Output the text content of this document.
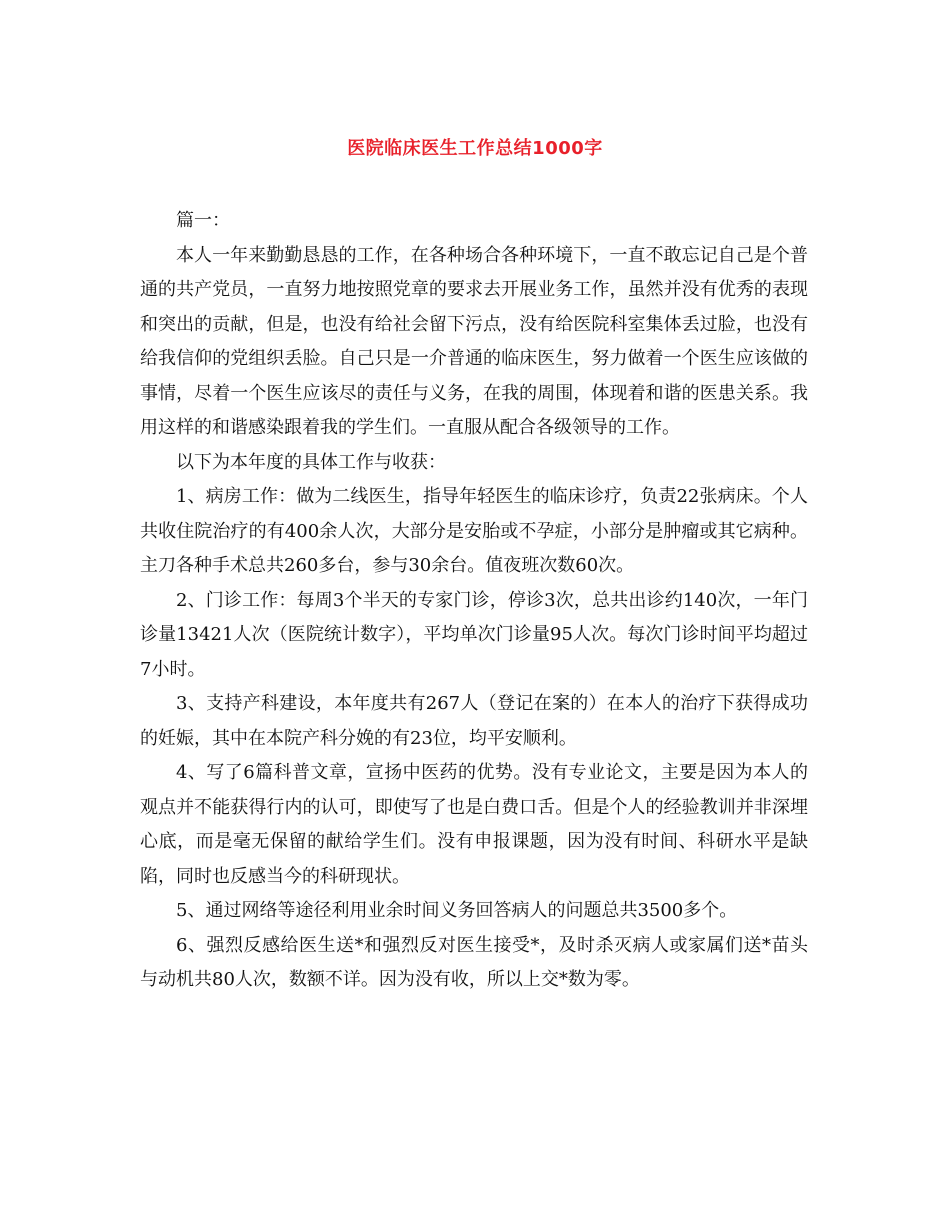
医院临床医生工作总结1000字

篇一：

本人一年来勤勤恳恳的工作，在各种场合各种环境下，一直不敢忘记自己是个普通的共产党员，一直努力地按照党章的要求去开展业务工作，虽然并没有优秀的表现和突出的贡献，但是，也没有给社会留下污点，没有给医院科室集体丢过脸，也没有给我信仰的党组织丢脸。自己只是一介普通的临床医生，努力做着一个医生应该做的事情，尽着一个医生应该尽的责任与义务，在我的周围，体现着和谐的医患关系。我用这样的和谐感染跟着我的学生们。一直服从配合各级领导的工作。

以下为本年度的具体工作与收获：

1、病房工作：做为二线医生，指导年轻医生的临床诊疗，负责22张病床。个人共收住院治疗的有400余人次，大部分是安胎或不孕症，小部分是肿瘤或其它病种。主刀各种手术总共260多台，参与30余台。值夜班次数60次。

2、门诊工作：每周3个半天的专家门诊，停诊3次，总共出诊约140次，一年门诊量13421人次（医院统计数字），平均单次门诊量95人次。每次门诊时间平均超过7小时。

3、支持产科建设，本年度共有267人（登记在案的）在本人的治疗下获得成功的妊娠，其中在本院产科分娩的有23位，均平安顺利。

4、写了6篇科普文章，宣扬中医药的优势。没有专业论文，主要是因为本人的观点并不能获得行内的认可，即使写了也是白费口舌。但是个人的经验教训并非深埋心底，而是毫无保留的献给学生们。没有申报课题，因为没有时间、科研水平是缺陷，同时也反感当今的科研现状。

5、通过网络等途径利用业余时间义务回答病人的问题总共3500多个。

6、强烈反感给医生送*和强烈反对医生接受*，及时杀灭病人或家属们送*苗头与动机共80人次，数额不详。因为没有收，所以上交*数为零。
